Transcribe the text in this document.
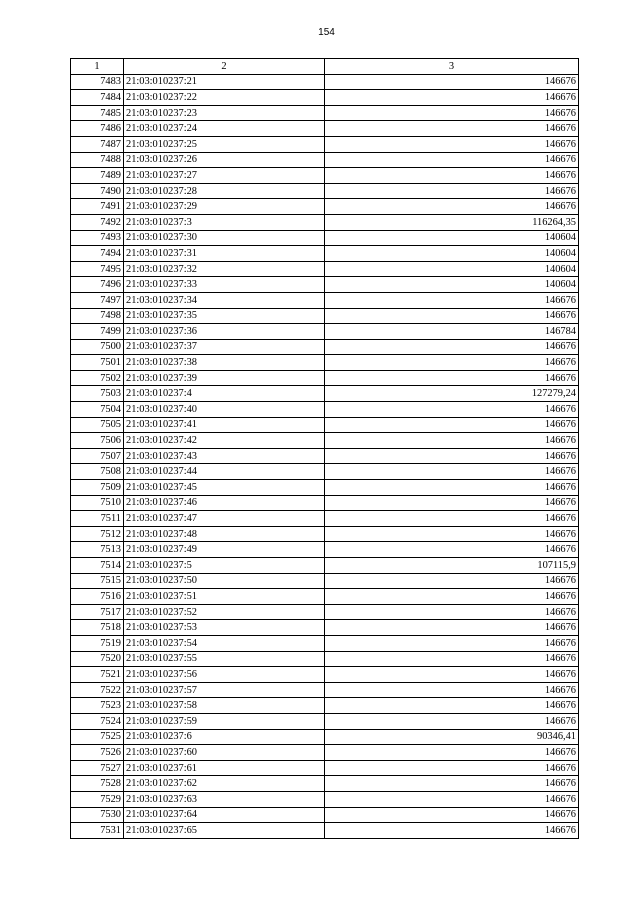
154
1	2	3
7483	21:03:010237:21	146676
7484	21:03:010237:22	146676
7485	21:03:010237:23	146676
7486	21:03:010237:24	146676
7487	21:03:010237:25	146676
7488	21:03:010237:26	146676
7489	21:03:010237:27	146676
7490	21:03:010237:28	146676
7491	21:03:010237:29	146676
7492	21:03:010237:3	116264,35
7493	21:03:010237:30	140604
7494	21:03:010237:31	140604
7495	21:03:010237:32	140604
7496	21:03:010237:33	140604
7497	21:03:010237:34	146676
7498	21:03:010237:35	146676
7499	21:03:010237:36	146784
7500	21:03:010237:37	146676
7501	21:03:010237:38	146676
7502	21:03:010237:39	146676
7503	21:03:010237:4	127279,24
7504	21:03:010237:40	146676
7505	21:03:010237:41	146676
7506	21:03:010237:42	146676
7507	21:03:010237:43	146676
7508	21:03:010237:44	146676
7509	21:03:010237:45	146676
7510	21:03:010237:46	146676
7511	21:03:010237:47	146676
7512	21:03:010237:48	146676
7513	21:03:010237:49	146676
7514	21:03:010237:5	107115,9
7515	21:03:010237:50	146676
7516	21:03:010237:51	146676
7517	21:03:010237:52	146676
7518	21:03:010237:53	146676
7519	21:03:010237:54	146676
7520	21:03:010237:55	146676
7521	21:03:010237:56	146676
7522	21:03:010237:57	146676
7523	21:03:010237:58	146676
7524	21:03:010237:59	146676
7525	21:03:010237:6	90346,41
7526	21:03:010237:60	146676
7527	21:03:010237:61	146676
7528	21:03:010237:62	146676
7529	21:03:010237:63	146676
7530	21:03:010237:64	146676
7531	21:03:010237:65	146676
